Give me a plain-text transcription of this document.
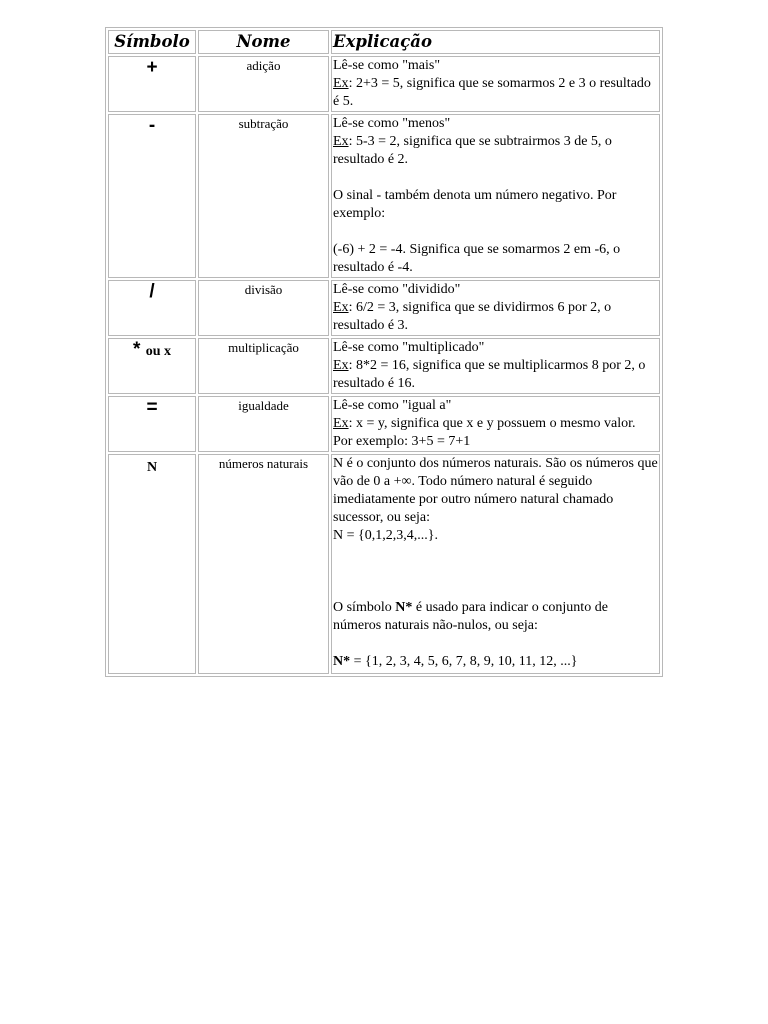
Símbolo	Nome	Explicação
+	adição	Lê-se como "mais"

Ex: 2+3 = 5, significa que se somarmos 2 e 3 o resultado é 5.

-	subtração	Lê-se como "menos"

Ex: 5-3 = 2, significa que se subtrairmos 3 de 5, o resultado é 2.

O sinal - também denota um número negativo. Por exemplo:

(-6) + 2 = -4. Significa que se somarmos 2 em -6, o resultado é -4.

/	divisão	Lê-se como "dividido"

Ex: 6/2 = 3, significa que se dividirmos 6 por 2, o resultado é 3.

* ou x	multiplicação	Lê-se como "multiplicado"

Ex: 8*2 = 16, significa que se multiplicarmos 8 por 2, o resultado é 16.

=	igualdade	Lê-se como "igual a"

Ex: x = y, significa que x e y possuem o mesmo valor. Por exemplo: 3+5 = 7+1

N	números naturais	N é o conjunto dos números naturais. São os números que vão de 0 a +∞. Todo número natural é seguido imediatamente por outro número natural chamado sucessor, ou seja:

N = {0,1,2,3,4,...}.

O símbolo N* é usado para indicar o conjunto de números naturais não-nulos, ou seja:

N* = {1, 2, 3, 4, 5, 6, 7, 8, 9, 10, 11, 12, ...}
